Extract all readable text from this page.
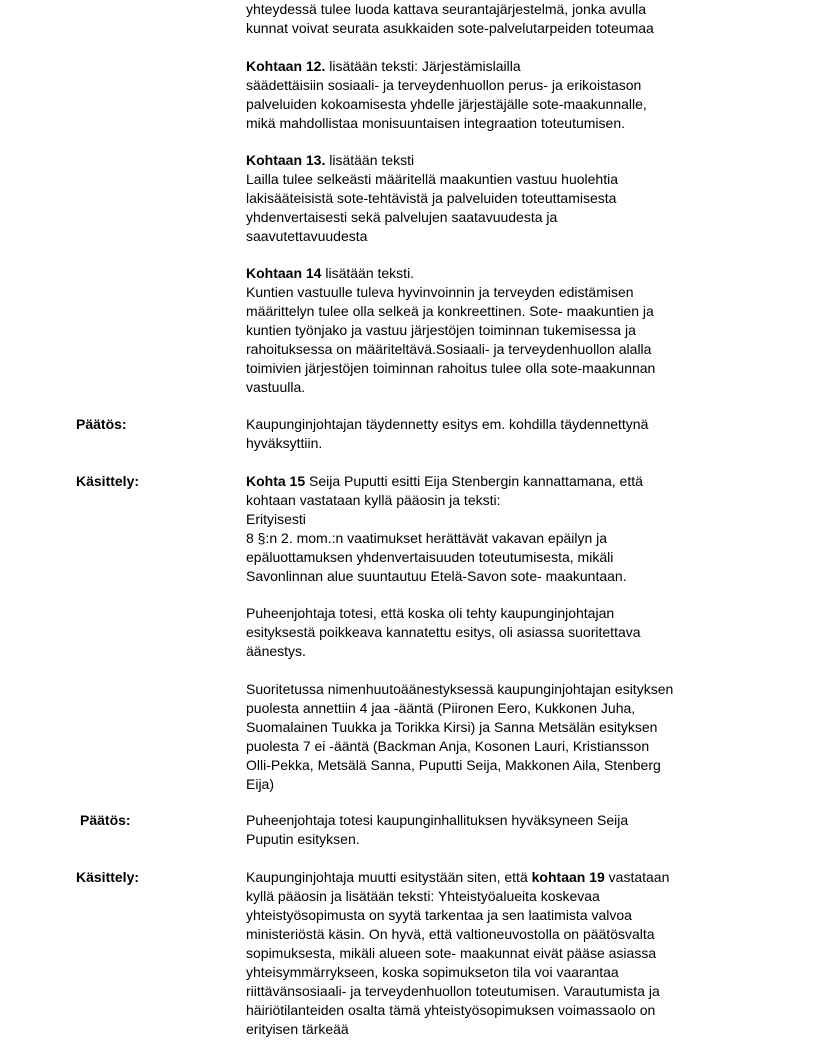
yhteydessä tulee luoda kattava seurantajärjestelmä, jonka avulla

kunnat voivat seurata asukkaiden sote-palvelutarpeiden toteumaa

Kohtaan 12. lisätään teksti: Järjestämislailla

säädettäisiin sosiaali- ja terveydenhuollon perus- ja erikoistason

palveluiden kokoamisesta yhdelle järjestäjälle sote-maakunnalle,

mikä mahdollistaa monisuuntaisen integraation toteutumisen.

Kohtaan 13. lisätään teksti

Lailla tulee selkeästi määritellä maakuntien vastuu huolehtia

lakisääteisistä sote-tehtävistä ja palveluiden toteuttamisesta

yhdenvertaisesti sekä palvelujen saatavuudesta ja

saavutettavuudesta

Kohtaan 14 lisätään teksti.

Kuntien vastuulle tuleva hyvinvoinnin ja terveyden edistämisen

määrittelyn tulee olla selkeä ja konkreettinen. Sote- maakuntien ja

kuntien työnjako ja vastuu järjestöjen toiminnan tukemisessa ja

rahoituksessa on määriteltävä.Sosiaali- ja terveydenhuollon alalla

toimivien järjestöjen toiminnan rahoitus tulee olla sote-maakunnan

vastuulla.

Päätös:	Kaupunginjohtajan täydennetty esitys em. kohdilla täydennettynä

hyväksyttiin.

Käsittely:	Kohta 15 Seija Puputti esitti Eija Stenbergin kannattamana, että

kohtaan vastataan kyllä pääosin ja teksti:

Erityisesti

8 §:n 2. mom.:n vaatimukset herättävät vakavan epäilyn ja

epäluottamuksen yhdenvertaisuuden toteutumisesta, mikäli

Savonlinnan alue suuntautuu Etelä-Savon sote- maakuntaan.

Puheenjohtaja totesi, että koska oli tehty kaupunginjohtajan

esityksestä poikkeava kannatettu esitys, oli asiassa suoritettava

äänestys.

Suoritetussa nimenhuutoäänestyksessä kaupunginjohtajan esityksen

puolesta annettiin 4 jaa -ääntä (Piironen Eero, Kukkonen Juha,

Suomalainen Tuukka ja Torikka Kirsi) ja Sanna Metsälän esityksen

puolesta 7 ei -ääntä (Backman Anja, Kosonen Lauri, Kristiansson

Olli-Pekka, Metsälä Sanna, Puputti Seija, Makkonen Aila, Stenberg

Eija)

Päätös:	Puheenjohtaja totesi kaupunginhallituksen hyväksyneen Seija

Puputin esityksen.

Käsittely:	Kaupunginjohtaja muutti esitystään siten, että kohtaan 19 vastataan

kyllä pääosin ja lisätään teksti: Yhteistyöalueita koskevaa

yhteistyösopimusta on syytä tarkentaa ja sen laatimista valvoa

ministeriöstä käsin. On hyvä, että valtioneuvostolla on päätösvalta

sopimuksesta, mikäli alueen sote- maakunnat eivät pääse asiassa

yhteisymmärrykseen, koska sopimukseton tila voi vaarantaa

riittävänsosiaali- ja terveydenhuollon toteutumisen. Varautumista ja

häiriötilanteiden osalta tämä yhteistyösopimuksen voimassaolo on

erityisen tärkeää
